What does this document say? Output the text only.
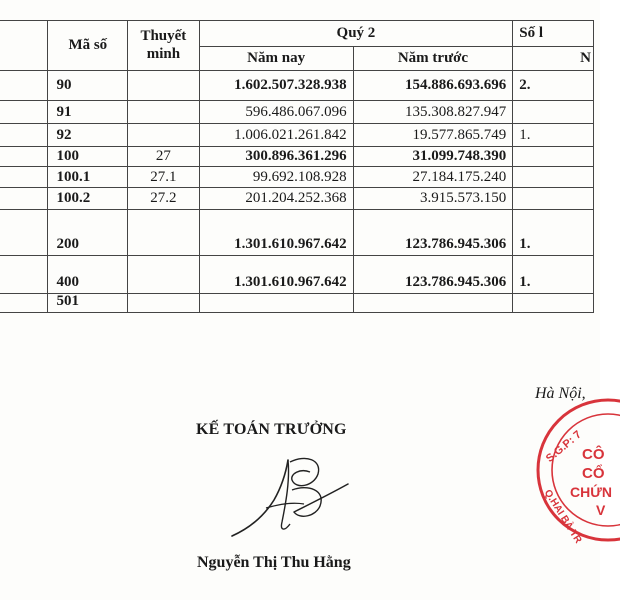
	Mã số	Thuyết minh	Quý 2		Số l
			Năm nay	Năm trước	N
	90		1.602.507.328.938	154.886.693.696	2.
	91		596.486.067.096	135.308.827.947	
	92		1.006.021.261.842	19.577.865.749	1.
	100	27	300.896.361.296	31.099.748.390	
	100.1	27.1	99.692.108.928	27.184.175.240	
	100.2	27.2	201.204.252.368	3.915.573.150	
	200		1.301.610.967.642	123.786.945.306	1.
	400		1.301.610.967.642	123.786.945.306	1.
	501				
Hà Nội,
KẾ TOÁN TRƯỞNG
Nguyễn Thị Thu Hằng
S.G.P: 7
Q.HAI BÀ TR
CÔ
CỔ
CHỨN
V
